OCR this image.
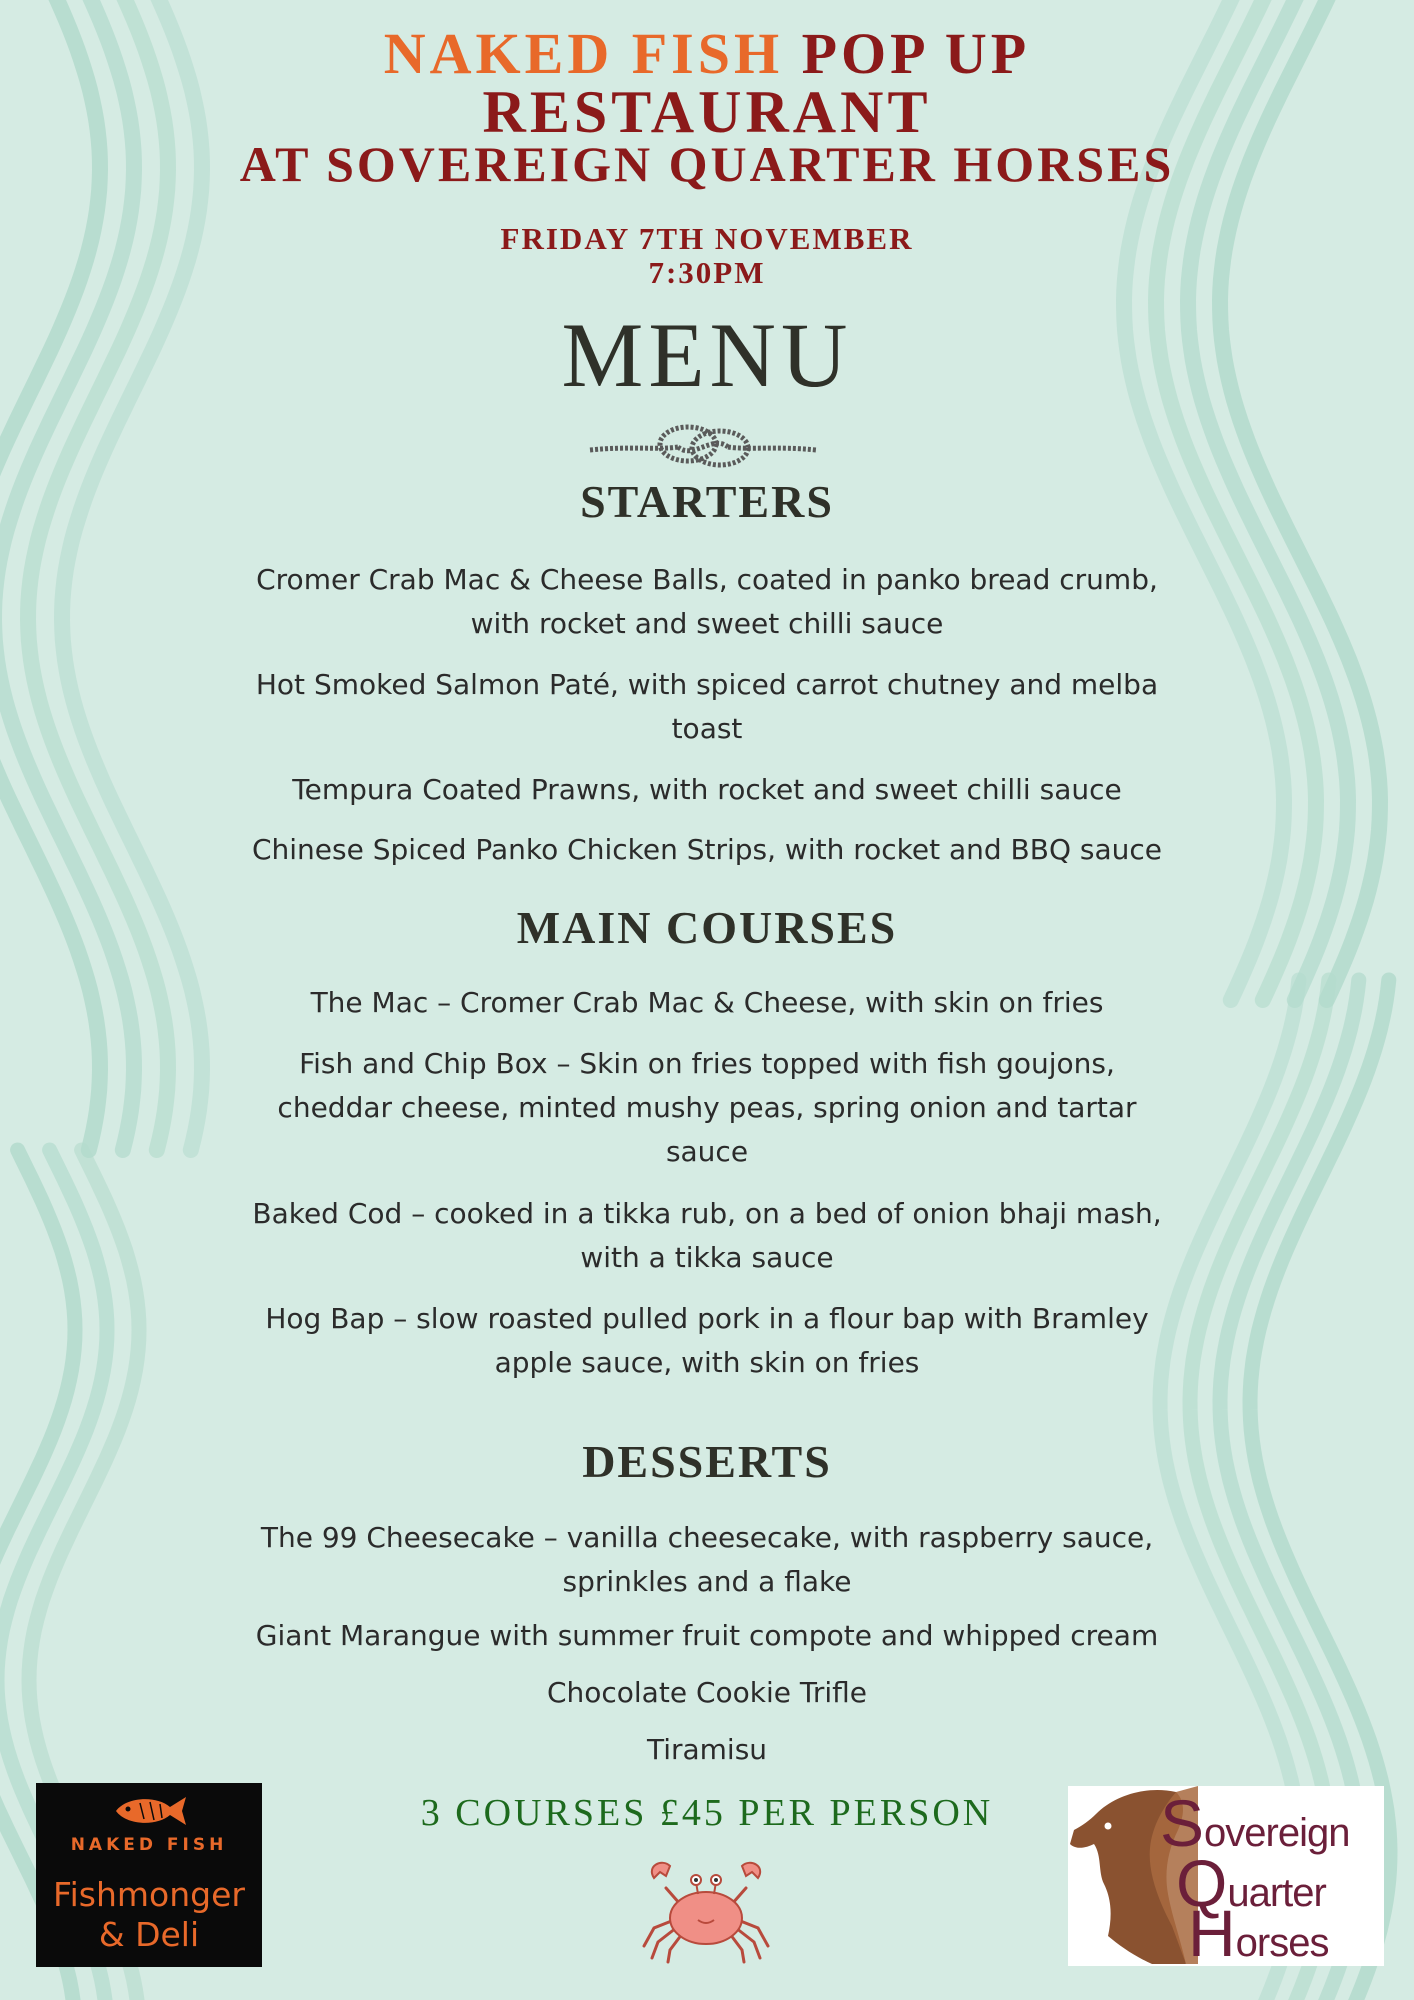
NAKED FISH POP UP
RESTAURANT
AT SOVEREIGN QUARTER HORSES
FRIDAY 7TH NOVEMBER
7:30PM
MENU
STARTERS
Cromer Crab Mac & Cheese Balls, coated in panko bread crumb,
with rocket and sweet chilli sauce
Hot Smoked Salmon Paté, with spiced carrot chutney and melba
toast
Tempura Coated Prawns, with rocket and sweet chilli sauce
Chinese Spiced Panko Chicken Strips, with rocket and BBQ sauce
MAIN COURSES
The Mac – Cromer Crab Mac & Cheese, with skin on fries
Fish and Chip Box – Skin on fries topped with fish goujons,
cheddar cheese, minted mushy peas, spring onion and tartar
sauce
Baked Cod – cooked in a tikka rub, on a bed of onion bhaji mash,
with a tikka sauce
Hog Bap – slow roasted pulled pork in a flour bap with Bramley
apple sauce, with skin on fries
DESSERTS
The 99 Cheesecake – vanilla cheesecake, with raspberry sauce,
sprinkles and a flake
Giant Marangue with summer fruit compote and whipped cream
Chocolate Cookie Trifle
Tiramisu
3 COURSES £45 PER PERSON
NAKED FISH
Fishmonger
& Deli
Sovereign
Quarter
Horses
